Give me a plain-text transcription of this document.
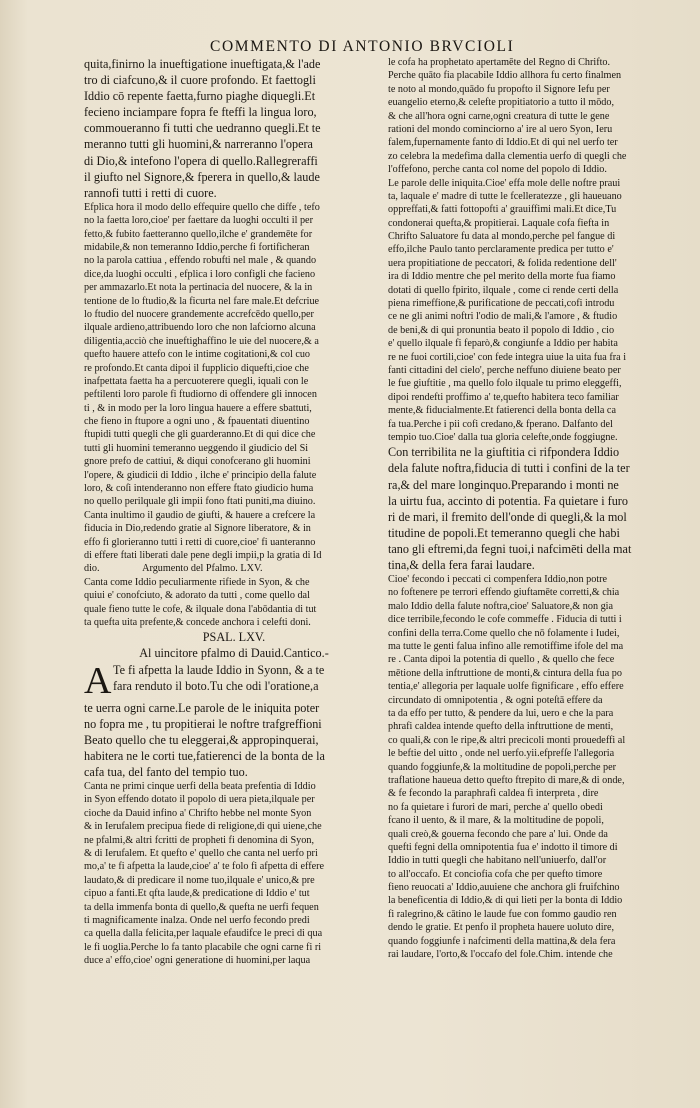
COMMENTO DI ANTONIO BRVCIOLI
quita,finirno la inueftigatione inueftigata,& l'ade
tro di ciafcuno,& il cuore profondo. Et faettogli
Iddio cō repente faetta,furno piaghe diquegli.Et
fecieno inciampare fopra fe fteffi la lingua loro,
commoueranno fi tutti che uedranno quegli.Et te
meranno tutti gli huomini,& narreranno l'opera
di Dio,& intefono l'opera di quello.Rallegreraffi
il giufto nel Signore,& fperera in quello,& laude
rannofi tutti i retti di cuore.
Efplica hora il modo dello effequire quello che diffe , tefo
no la faetta loro,cioe' per faettare da luoghi occulti il per
fetto,& fubito faetteranno quello,ilche e' grandemēte for
midabile,& non temeranno Iddio,perche fi fortificheran
no la parola cattiua , effendo robufti nel male , & quando
dice,da luoghi occulti , efplica i loro configli che facieno
per ammazarlo.Et nota la pertinacia del nuocere, & la in
tentione de lo ftudio,& la ficurta nel fare male.Et defcriue
lo ftudio del nuocere grandemente accrefcēdo quello,per
ilquale ardieno,attribuendo loro che non lafciorno alcuna
diligentia,acciò che inueftighaffino le uie del nuocere,& a
quefto hauere attefo con le intime cogitationi,& col cuo
re profondo.Et canta dipoi il fupplicio diquefti,cioe che
inafpettata faetta ha a percuoterere quegli, iquali con le
peftilenti loro parole fi ftudiorno di offendere gli innocen
ti , & in modo per la loro lingua hauere a effere sbattuti,
che fieno in ftupore a ogni uno , & fpauentati diuentino
ftupidi tutti quegli che gli guarderanno.Et di qui dice che
tutti gli huomini temeranno ueggendo il giudicio del Si
gnore prefo de cattiui, & diqui conofcerano gli huomini
l'opere, & giudicii di Iddio , ilche e' principio della falute
loro, & coſi intenderanno non effere ftato giudicio huma
no quello perilquale gli impii fono ftati puniti,ma diuino.
Canta inultimo il gaudio de giufti, & hauere a crefcere la
fiducia in Dio,redendo gratie al Signore liberatore, & in
effo fi glorieranno tutti i retti di cuore,cioe' fi uanteranno
di effere ftati liberati dale pene degli impii,p la gratia di Id
dio.	Argumento del Pfalmo. LXV.
Canta come Iddio peculiarmente rifiede in Syon, & che
quiui e' conofciuto, & adorato da tutti , come quello dal
quale fieno tutte le cofe, & ilquale dona l'abōdantia di tut
ta quefta uita prefente,& concede anchora i celefti doni.
PSAL. LXV.
Al uincitore pfalmo di Dauid.Cantico.-
A Te fi afpetta la laude Iddio in Syonn, & a te
fara renduto il boto.Tu che odi l'oratione,a
te uerra ogni carne.Le parole de le iniquita poter
no fopra me , tu propitierai le noftre trafgreffioni
Beato quello che tu eleggerai,& appropinquerai,
habitera ne le corti tue,fatierenci de la bonta de la
cafa tua, del fanto del tempio tuo.
Canta ne primi cinque uerfi della beata prefentia di Iddio
in Syon effendo dotato il popolo di uera pieta,ilquale per
cioche da Dauid infino a' Chrifto hebbe nel monte Syon
& in Ierufalem precipua fiede di religione,di qui uiene,che
ne pfalmi,& altri fcritti de propheti fi denomina di Syon,
& di Ierufalem. Et quefto e' quello che canta nel uerfo pri
mo,a' te fi afpetta la laude,cioe' a' te folo fi afpetta di effere
laudato,& di predicare il nome tuo,ilquale e' unico,& pre
cipuo a fanti.Et qfta laude,& predicatione di Iddio e' tut
ta della immenfa bonta di quello,& quefta ne uerfi fequen
ti magnificamente inalza. Onde nel uerfo fecondo predi
ca quella dalla felicita,per laquale efaudifce le preci di qua
le fi uoglia.Perche lo fa tanto placabile che ogni carne fi ri
duce a' effo,cioe' ogni generatione di huomini,per laqua
le cofa ha prophetato apertamēte del Regno di Chrifto.
Perche quāto fia placabile Iddio allhora fu certo finalmen
te noto al mondo,quādo fu propofto il Signore Iefu per
euangelio eterno,& celefte propitiatorio a tutto il mōdo,
& che all'hora ogni carne,ogni creatura di tutte le gene
rationi del mondo cominciorno a' ire al uero Syon, Ieru
falem,fupernamente fanto di Iddio.Et di qui nel uerfo ter
zo celebra la medefima dalla clementia uerfo di quegli che
l'offefono, perche canta col nome del popolo di Iddio.
Le parole delle iniquita.Cioe' effa mole delle noftre praui
ta, laquale e' madre di tutte le fcelleratezze , gli haueuano
oppreffati,& fatti fottopofti a' grauiffimi mali.Et dice,Tu
condonerai quefta,& propitierai. Laquale cofa fiefta in
Chrifto Saluatore fu data al mondo,perche pel fangue di
effo,ilche Paulo tanto perclaramente predica per tutto e'
uera propitiatione de peccatori, & folida redentione dell'
ira di Iddio mentre che pel merito della morte fua fiamo
dotati di quello fpirito, ilquale , come ci rende certi della
piena rimeffione,& purificatione de peccati,cofi introdu
ce ne gli animi noftri l'odio de mali,& l'amore , & ftudio
de beni,& di qui pronuntia beato il popolo di Iddio , cio
e' quello ilquale fi feparò,& congiunfe a Iddio per habita
re ne fuoi cortili,cioe' con fede integra uiue la uita fua fra i
fanti cittadini del cielo', perche neffuno diuiene beato per
le fue giuftitie , ma quello folo ilquale tu primo eleggeffi,
dipoi rendefti proffimo a' te,quefto habitera teco familiar
mente,& fiducialmente.Et fatierenci della bonta della ca
fa tua.Perche i pii cofi credano,& fperano. Dalfanto del
tempio tuo.Cioe' dalla tua gloria celefte,onde foggiugne.
Con terribilita ne la giuftitia ci rifpondera Iddio
dela falute noftra,fiducia di tutti i confini de la ter
ra,& del mare longinquo.Preparando i monti ne
la uirtu fua, accinto di potentia. Fa quietare i furo
ri de mari, il fremito dell'onde di quegli,& la mol
titudine de popoli.Et temeranno quegli che habi
tano gli eftremi,da fegni tuoi,i nafcimēti della mat
tina,& della fera farai laudare.
Cioe' fecondo i peccati ci compenfera Iddio,non potre
no foftenere pe terrori effendo giuftamēte corretti,& chia
malo Iddio della falute noftra,cioe' Saluatore,& non gia
dice terribile,fecondo le cofe commeffe . Fiducia di tutti i
confini della terra.Come quello che nō folamente i Iudei,
ma tutte le genti falua infino alle remotiffime ifole del ma
re . Canta dipoi la potentia di quello , & quello che fece
mētione della inftruttione de monti,& cintura della fua po
tentia,e' allegoria per laquale uolfe fignificare , effo effere
circundato di omnipotentia , & ogni poteſtā effere da
ta da effo per tutto, & pendere da lui, uero e che la para
phrafi caldea intende quefto della inftruttione de menti,
co quali,& con le ripe,& altri precicoli monti prouedeffi al
le beftie del uitto , onde nel uerfo.yii.efprefſe l'allegoria
quando foggiunfe,& la moltitudine de popoli,perche per
traflatione haueua detto quefto ftrepito di mare,& di onde,
& fe fecondo la paraphrafi caldea fi interpreta , dire
no fa quietare i furori de mari, perche a' quello obedi
fcano il uento, & il mare, & la moltitudine de popoli,
quali creò,& gouerna fecondo che pare a' lui. Onde da
quefti fegni della omnipotentia fua e' indotto il timore di
Iddio in tutti quegli che habitano nell'uniuerfo, dall'or
to all'occafo. Et conciofia cofa che per quefto timore
fieno reuocati a' Iddio,auuiene che anchora gli fruifchino
la beneficentia di Iddio,& di qui lieti per la bonta di Iddio
fi ralegrino,& cātino le laude fue con fommo gaudio ren
dendo le gratie. Et penfo il propheta hauere uoluto dire,
quando foggiunfe i nafcimenti della mattina,& dela fera
rai laudare, l'orto,& l'occafo del fole.Chim. intende che
